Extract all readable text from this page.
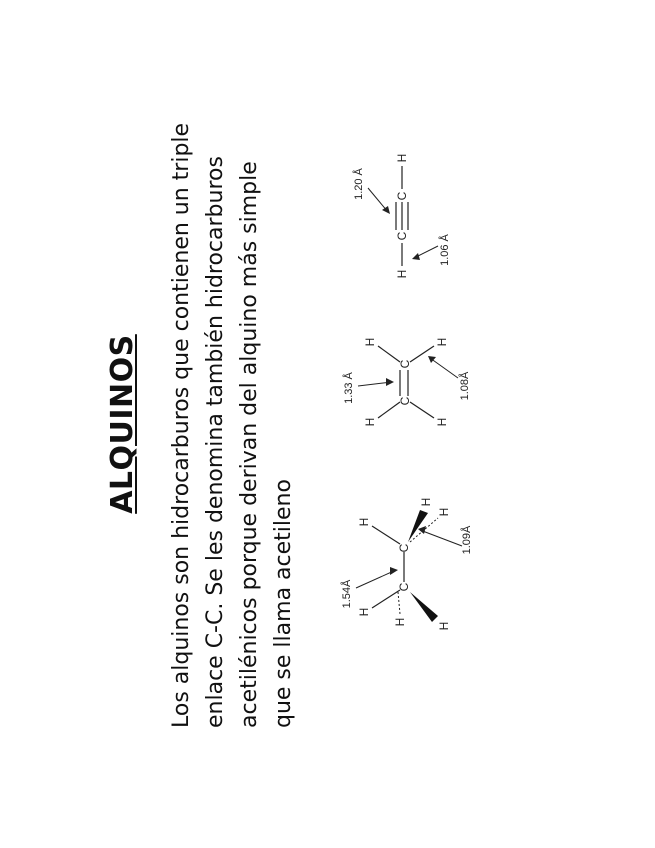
ALQUINOS Los alquinos son hidrocarburos que contienen un triple enlace C-C. Se les denomina también hidrocarburos acetilénicos porque derivan del alquino más simple que se llama acetileno	C
C
H
H	H
H
H
H
1.54Å
1.09Å
C
C
H	H
H	H
1.33 Å	1.08Å
H
C
C
H
1.20 Å
1.06 Å
